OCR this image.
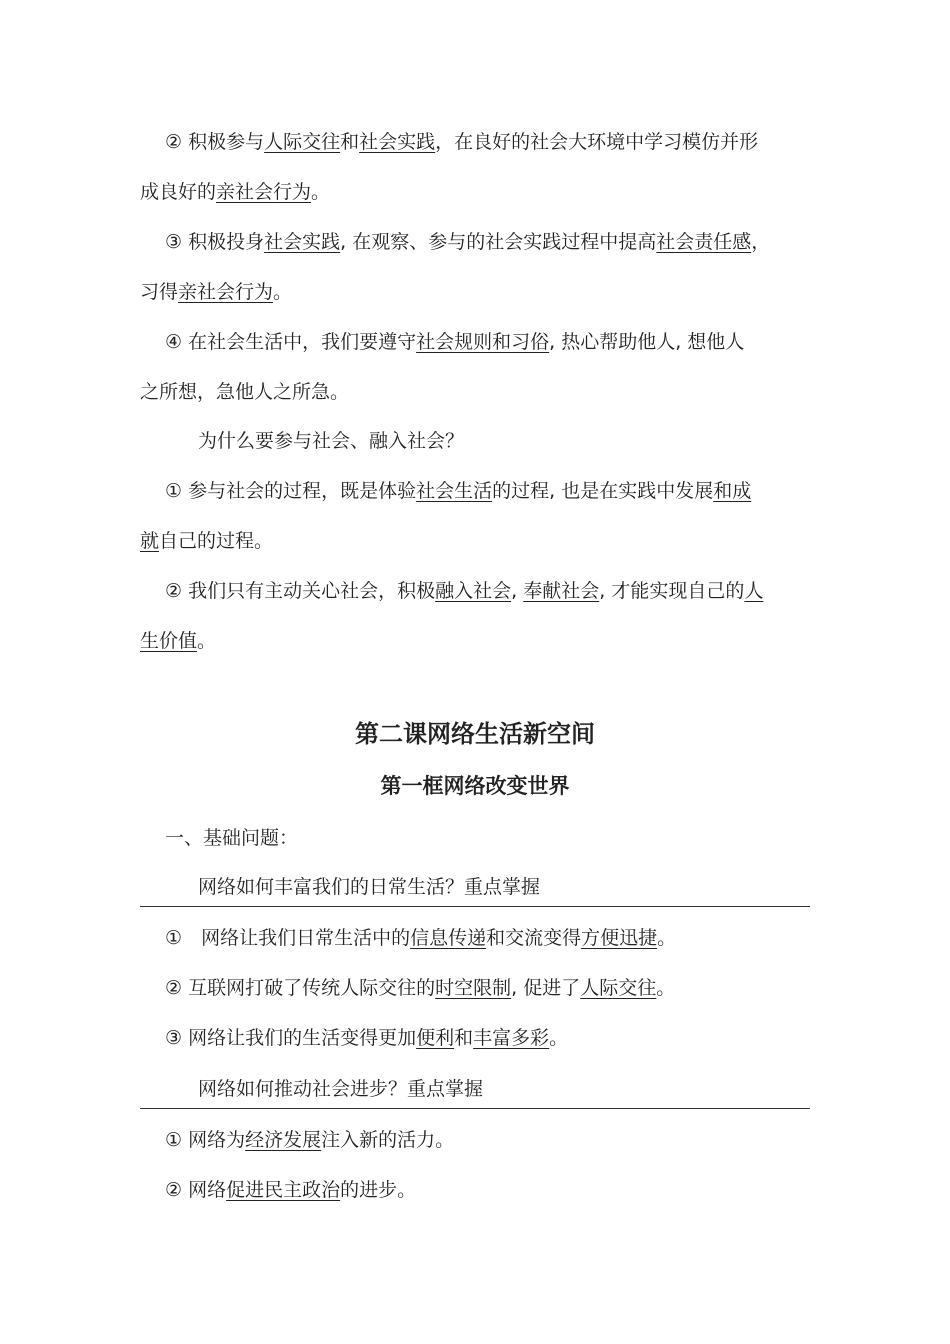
　 ② 积极参与人际交往和社会实践，在良好的社会大环境中学习模仿并形
成良好的亲社会行为。
　 ③ 积极投身社会实践, 在观察、参与的社会实践过程中提高社会责任感，
习得亲社会行为。
　 ④ 在社会生活中，我们要遵守社会规则和习俗, 热心帮助他人, 想他人
之所想，急他人之所急。
为什么要参与社会、融入社会？
　 ① 参与社会的过程，既是体验社会生活的过程, 也是在实践中发展和成
就自己的过程。
　 ② 我们只有主动关心社会，积极融入社会, 奉献社会, 才能实现自己的人
生价值。
第二课网络生活新空间
第一框网络改变世界
　 一、基础问题：
网络如何丰富我们的日常生活？重点掌握
　 ①　网络让我们日常生活中的信息传递和交流变得方便迅捷。
　 ② 互联网打破了传统人际交往的时空限制, 促进了人际交往。
　 ③ 网络让我们的生活变得更加便利和丰富多彩。
网络如何推动社会进步？重点掌握
　 ① 网络为经济发展注入新的活力。
　 ② 网络促进民主政治的进步。
